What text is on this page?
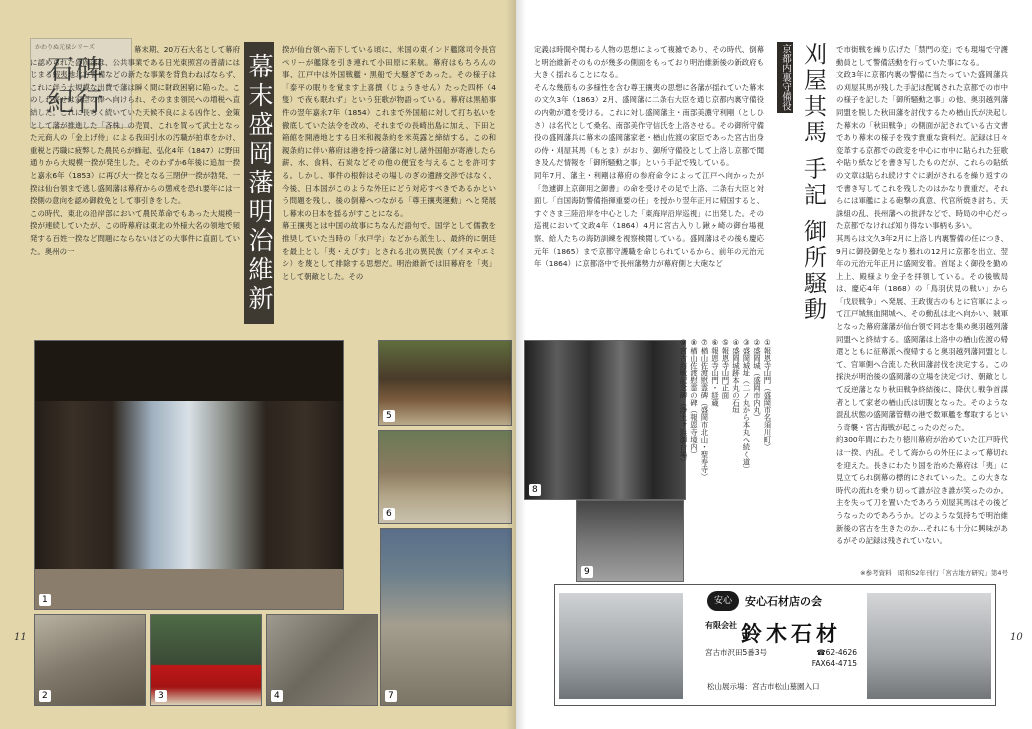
かわりぬ元禄シリーズ
石碑紀行

幕末期、20万石大名として幕府に認められた盛岡藩は、公共事業である日光東照宮の普請にはじまる蝦夷地北方警備などの新たな事業を背負わねばならず、これに伴う大規模な出費で藩は瞬く間に財政困窮に陥った。このしわ寄せは家臣の俸へ向けられ、そのまま領民への増税へ直結した。これに長らく続いていた天候不良による凶作と、金策として藩が推進した「吝株」の売買、これを買って武士となった元商人の「金上げ侍」による我田引水の汚職が拍車をかけ、重税と汚職に疲弊した農民らが蜂起、弘化4年（1847）に野田通りから大規模一揆が発生した。そのわずか6年後に追加一揆と嘉永6年（1853）に再び大一揆となる三閉伊一揆が勃発、一揆は仙台領まで逃し盛岡藩は幕府からの懲戒を恐れ要年には一揆側の意向を認め御救免として事引きをした。
この時代、東北の沿岸部において農民革命でもあった大規模一揆が連続していたが、この時幕府は東北の外様大名の領地で頻発する百姓一揆など問題にならないほどの大事件に直面していた。奥州の一

幕末盛岡藩明治維新

揆が仙台領へ南下している頃に、米国の東インド艦隊司令長官ペリーが艦隊を引き連れて小田原に来航。幕府はもちろんの事、江戸中は外国戦艦・黒船で大騒ぎであった。その様子は「泰平の眠りを覚ます上喜撰（じょうきせん）たった四杯（4隻）で夜も眠れず」という狂歌が物語っている。幕府は黒船事件の翌年嘉永7年（1854）これまで外国船に対して打ち払いを徹底していた法令を改め、それまでの長崎出島に加え、下田と箱館を開港地とする日米和親条約を米英露と締結する。この和親条約に伴い幕府は港を持つ諸藩に対し諸外国船が寄港したら薪、水、食料、石炭などその他の便宜を与えることを許可する。しかし、事件の根幹はその場しのぎの遺跡交渉ではなく、今後、日本国がこのような外圧にどう対応すべきであるかという問題を残し、後の倒幕へつながる「尊王攘夷運動」へと発展し幕末の日本を揺るがすことになる。
幕王攘夷とは中国の故事にちなんだ語句で、国学として儒教を推奨していた当時の「水戸学」などから派生し、最終的に朝廷を最上とし「夷・えびす」とされる北の異民族（アイヌやエミシ）を蔑として排除する思想だ。明治維新では旧幕府を「夷」として朝敵とした。その

1
2	3	4
5
6
7
11

定義は時間や関わる人物の思想によって複雑であり、その時代、倒幕と明治維新そのものが幾多の側面をもっており明治維新後の新政府も大きく揺れることになる。
そんな幾筋もの多様性を含む尊王攘夷の思想に各藩が揺れていた幕末の文久3年（1863）2月、盛岡藩に二条右大臣を通じ京都内裏守備役の内勅が遣を受ける。これに対し盛岡藩主・南部美濃守利剛（としひさ）は名代として桑名、南部美作守信氏を上洛させる。その御所守備役の盛岡藩兵に幕末の盛岡藩家老・楢山佐渡の家臣であった宮古出身の侍・刈屋其馬（もとま）がおり、御所守備役として上洛し京都で聞き及んだ情報を「御所騒動之事」という手記で残している。
同年7月、藩主・利剛は幕府の参府命令によって江戸へ向かったが「急遽御上京御用之御書」の命を受けその足で上洛、二条右大臣と対面し「自国海防警備指揮重要の任」を授かり翌年正月に帰国すると、すぐさま三陸沿岸を中心とした「東海岸沿岸巡視」に出発した。その巡視において文政4年（1864）4月に宮古入りし鍬ヶ崎の御台場視察、給人たちの海防訓練を視察検閲している。盛岡藩はその後も慶応元年（1865）まで京都守護職を命じられているから、前年の元治元年（1864）に京都洛中で長州藩勢力が幕府側と大砲など

京都内裏守備役 刈屋其馬 手記 御所騒動

で市街戦を繰り広げた「禁門の変」でも現場で守護動員として警備活動を行っていた事になる。
文政3年に京都内裏の警備に当たっていた盛岡藩兵の刈屋其馬が残した手記は配属された京都での市中の様子を記した「御所騒動之事」の他、奥羽越列藩同盟を脱した秋田藩を討伐するため楢山氏が決起した幕末の「秋田戦争」の側面が記されている古文書であり幕末の様子を残す貴重な資料だ。記録は日々変革する京都での政変を中心に市中に貼られた狂歌や貼り紙などを書き写したものだが、これらの貼紙の文章は貼られ続けすぐに剥がされるを繰り返すので書き写してこれを残したのはかなり貴重だ。それらには軍艦による砲撃の真意、代官所焼き討ち、天誅組の乱、長州藩への批評などで、時局の中心だった京都でなければ知り得ない事柄も多い。
其馬らは文久3年2月に上洛し内裏警備の任につき、9月に御役御免となり慕れの12月に京都を出立、翌年の元治元年正月に盛岡安着。首尾よく御役を勤め上上、殿様より金子を拝領している。その後戦局は、慶応4年（1868）の「鳥羽伏見の戦い」から「戊辰戦争」へ発展、王政復古のもとに官軍によって江戸城無血開城へ、その動乱は北へ向かい、賊軍となった幕府藩藩が仙台領で同志を集め奥羽越列藩同盟へと終結する。盛岡藩は上洛中の楢山佐渡の帰還とともに征幕派へ復帰すると奥羽越列藩同盟として、官軍側へ合流した秋田藩討伐を決定する。この採決が明治後の盛岡藩の立場を決定づけ、朝敵として反逆藩となり秋田戦争終結後に、降伏し戦争首謀者として家老の楢山氏は切腹となった。そのような混乱状態の盛岡藩管轄の港で数軍艦を奪取するという奇襲・宮古海戦が起こったのだった。
約300年間にわたり徳川幕府が治めていた江戸時代は一揆、内乱。そして海からの外圧によって幕切れを迎えた。長きにわたり国を治めた幕府は「夷」に見立てられ倒幕の標的にされていった。この大きな時代の流れを乗り切って誰が泣き誰が笑ったのか。主を失って刀を置いたであろう刈屋其馬はその後どうなったのであろうか。どのような気持ちで明治維新後の宮古を生きたのか…それにも十分に興味があるがその記録は残されていない。

8
9
①報恩寺山門（盛岡市名須川町）
②盛岡城（盛岡市内丸）
③盛岡城址（二ノ丸から本丸へ続く道）
④盛岡城跡本丸の石垣
⑤報恩寺山門正面
⑥報恩寺山門・経蔵
⑦楢山佐渡慰霊碑（盛岡市北山・聖寿寺）
⑧楢山佐渡慰霊の碑（報恩寺境内）
⑨宮古海戦記念碑（浄土ヶ浜御台場）
※参考資料　昭和52年刊行「宮古地方研究」第4号
安心	安心石材店の会
有限会社 鈴木石材
宮古市沢田5番3号	☎62-4626
FAX64-4715
松山展示場：宮古市松山墓園入口
10
